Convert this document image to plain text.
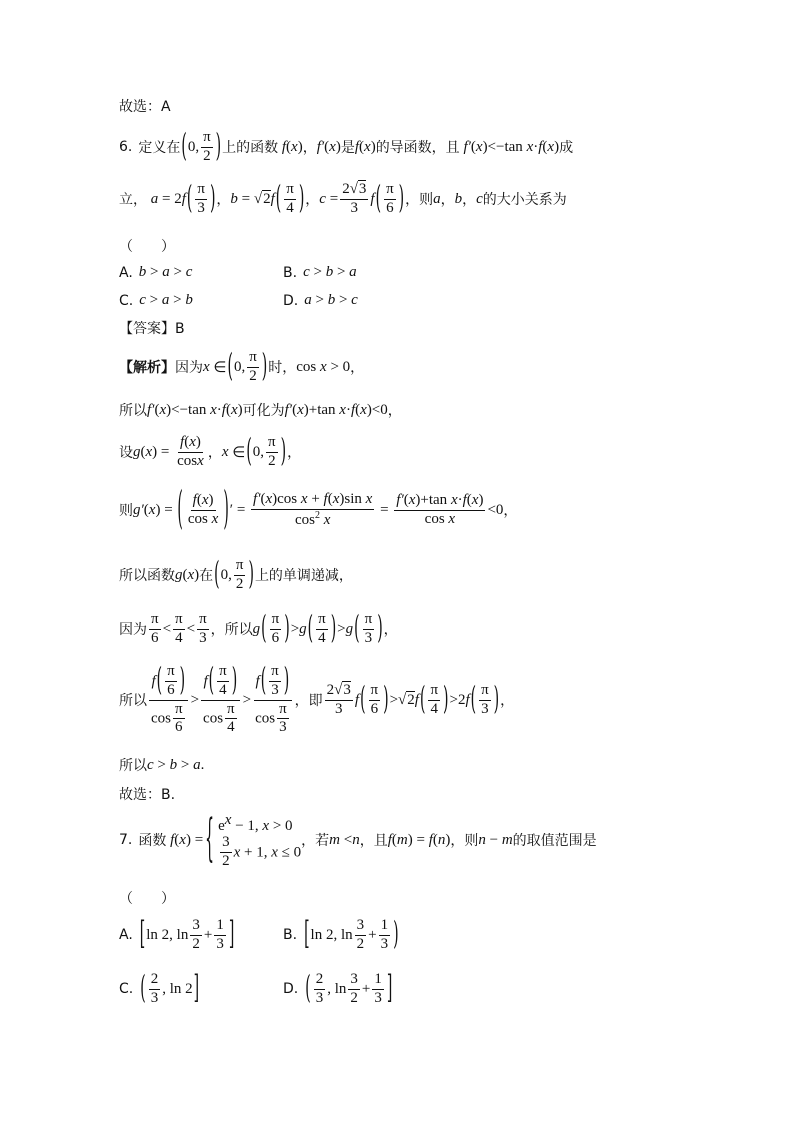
故选：A
6. 定义在 ( 0, $\frac{\pi}{2}$ ) 上的函数 f ( x ) ， f′ ( x ) 是 f ( x ) 的导函数，且 f′ ( x )<−tan x · f ( x ) 成
立， a = 2 f ( $\frac{\pi}{3}$ ) ， b = √2 f ( $\frac{\pi}{4}$ ) ， $c = \frac{2√3}{3}$ f ( $\frac{\pi}{6}$ ) ，则 a ， b ， c 的大小关系为
（　　）
A. b > a > c	B. c > b > a
C. c > a > b	D. a > b > c
【答案】B
【解析】 因为 x ∈ ( 0, $\frac{\pi}{2}$ ) 时， cos x > 0 ，
所以 f′ ( x )<−tan x · f ( x ) 可化为 f′ ( x )+tan x · f ( x )<0 ，
设 g ( x ) = $\frac{f(x)}{\cos x}$ ， x ∈ ( 0, $\frac{\pi}{2}$ ) ，
则 g′ ( x ) = ( $\frac{f(x)}{\text{cos x}}$ ) ′ = $\frac{\text{f′(x)cos x + f(x)sin x}}{\cos^2 x} = \frac{\text{f′(x)+tan x·f(x)}}{\text{cos x}} <0$ ，
所以函数 g ( x ) 在 ( 0, $\frac{\pi}{2}$ ) 上的单调递减，
因为 $\frac{\pi}{6} < \frac{\pi}{4} < \frac{\pi}{3}$ ， 所以 g ( $\frac{\pi}{6}$ ) > g ( $\frac{\pi}{4}$ ) > g ( $\frac{\pi}{3}$ ) ，
所以 $\frac{f( \frac{\pi}{6} )}{\cos \frac{\pi}{6}} > \frac{f( \frac{\pi}{4} )}{\cos \frac{\pi}{4}} > \frac{f( \frac{\pi}{3} )}{\cos \frac{\pi}{3}}$ ， 即 $\frac{2√3}{3}$ f ( $\frac{\pi}{6}$ ) >√2 f ( $\frac{\pi}{4}$ ) >2 f ( $\frac{\pi}{3}$ ) ，
所以 c > b > a .
故选：B.
7. 函数 f ( x ) = { $e^x - 1$, x > 0
$\frac{3}{2}$ x + 1, x ≤ 0
， 若 m < n ， 且 f ( m ) = f ( n ) ， 则 n − m 的取值范围是
（　　）
A. [ ln 2, $\ln \frac{3}{2} + \frac{1}{3}$ ]	B. [ ln 2, $\ln \frac{3}{2} + \frac{1}{3}$ )
C. ( $\frac{2}{3}$ , ln 2 ]	D. ( $\frac{2}{3}$ , $\ln \frac{3}{2} + \frac{1}{3}$ ]
